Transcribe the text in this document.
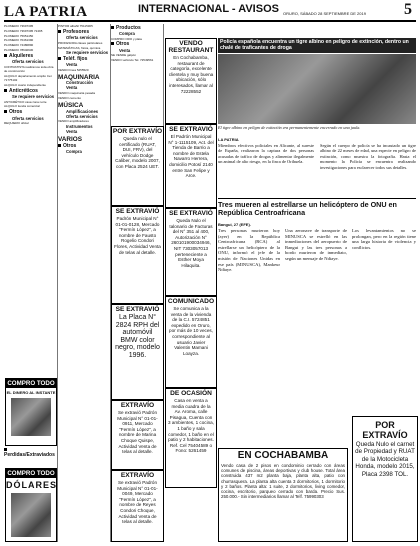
LA PATRIA	INTERNACIONAL - AVISOS ORURO, SÁBADO 28 SEPTIEMBRE DE 2019 5

PLOMERO 73697395

PLOMERO 73697395 72495

PLOMERO 75951450

PLOMERO 70461390

PLOMERO 74480890

PLOMERO 78640930

Alquileres
Oferta servicios

CONTRATISTA realizamos toda obra de construcción

ALQUILO departamento amplio Cel. 71775102

ALQUILO cuarto independiente

Anticréticos
Se requiere servicios

ANTICRÉTICO casa zona norte

ALQUILO tienda comercial

Otros
Oferta servicios

REQUIERO oficial

COMPRO TODO
EL DINERO AL INSTANTE
Perdidas/Extraviados
COMPRO TODO
DÓLARES

PINTOR albañil 75115305

Profesores
Oferta servicios

PROFESORA clases particulares

MATEMÁTICAS, física, química

Se requiere servicios
Teléf. fijos
Venta

VENDO línea 5255520

MAQUINARIA
Construcción
Venta

VENDO maquinaria pesada

VENDO cemento

MÚSICA
Amplificaciones
Oferta servicios

VENDO amplificadores

Instrumentos
Venta
VARIOS
Otros
Compra
Productos
Compra

COMPRO ORO y plata

Otros
Venta

SE VENDE galpón

VENDO vehículo Tel. 72549561

POR EXTRAVÍO
Queda nulo el certificado (RUAT, DUI, FRV), del vehículo Dodge Caliber, modelo 2007, con Placa 2524 UET.
SE EXTRAVIÓ
Padrón Municipal N° 01-01-0128, Mercado "Fermín López", a nombre de Fausto Rogelio Condori Flores, Actividad Venta de telas al detalle.
SE EXTRAVIÓ
La Placa N° 2824 RPH del automóvil BMW color negro, modelo 1996.
EXTRAVÍO
Se extravió Padrón Municipal N° 01-01-0911, Mercado "Fermín López", a nombre de Marina Choque Quispe, Actividad Venta de telas al detalle.
EXTRAVÍO
Se extravió Padrón Municipal N° 01-01-0049, Mercado "Fermín López", a nombre de Reyes Condori Choque, Actividad Venta de telas al detalle.
VENDO RESTAURANT
En Cochabamba, restaurant de categoría, excelente clientela y muy buena ubicación, sólo interesados, llamar al 72228552
SE EXTRAVIÓ
El Padrón Municipal N° 1-1115109, Act. del Tienda de Barrio a nombre de Estela Navarro Herrera, domicilio Potosí 2140 entre San Felipe y Arce.
SE EXTRAVIÓ
Queda Nulo el talonario de Facturas del N° 351 al 400, Autorización N° 260101900034946, NIT 7303057013 perteneciente a Esther Moya Hilaquita.
COMUNICADO
Se comunica a la venta de la vivienda de la C.I. 5724851 expedido en Oruro, por más de 10 veces, correspondiente al usuario Javier Valentin Mamani Loayza.
DE OCASIÓN
Casa en venta a media cuadra de la Av. Aroma, calle Pisagua, Cuenta con 3 ambientes, 1 cocina, 1 baño y sala comedor, 1 baño en el patio y 2 habitaciones. Ref. Cel 75404589 o Fono: 5261459
Policía española encuentra un tigre albino en peligro de extinción, dentro un chalé de traficantes de droga
El tigre albino en peligro de extinción era permanentemente encerrado en una jaula.
LA PATRIA
Miembros efectivos policiales en Alicante, al sureste de España, realizaron la captura de dos personas acusadas de tráfico de drogas y alimentar ilegalmente un animal de alto riesgo, en la finca de Orihuela.
Según el cuerpo de policía se ha incautado un tigre albino de 22 meses de edad, una especie en peligro de extinción, como muestra la fotografía. Hasta el momento la Policía se encuentra realizando investigaciones para esclarecer todos sus detalles.
Tres mueren al estrellarse un helicóptero de ONU en República Centroafricana
Bangui, 27 (EFE).
Tres personas murieron hoy (ayer) en la República Centroafricana (RCA) al estrellarse un helicóptero de la ONU, informó el jefe de la misión de Naciones Unidas en ese país (MINUSCA), Mankeur Ndiaye.
Una aeronave de transporte de MINUSCA se estrelló en las inmediaciones del aeropuerto de Bangui y las tres personas a bordo murieron de inmediato, según un mensaje de Ndiaye.
Los levantamientos no se prolongan, pero en la región tiene una larga historia de violencia y conflictos.
EN COCHABAMBA
Vendo casa de 2 pisos en condominio cerrado con áreas comunes de piscina, áreas deportivas y club house. Total área construida 437 m2 planta baja, planta alta, patio con churrasquera. La planta alta cuenta 3 dormitorios, 1 dormitorio y 2 baños. Planta alta: 1 suite, 2 dormitorios, living comedor, cocina, escritorio, parqueo cerrado con barda. Precio Sus. 250.000.- Sin intermediarios llamar al Telf. 75990303
POR EXTRAVÍO
Queda Nulo el carnet de Propiedad y RUAT de la Motocicleta Honda, modelo 2015, Placa 2398 TOL.
